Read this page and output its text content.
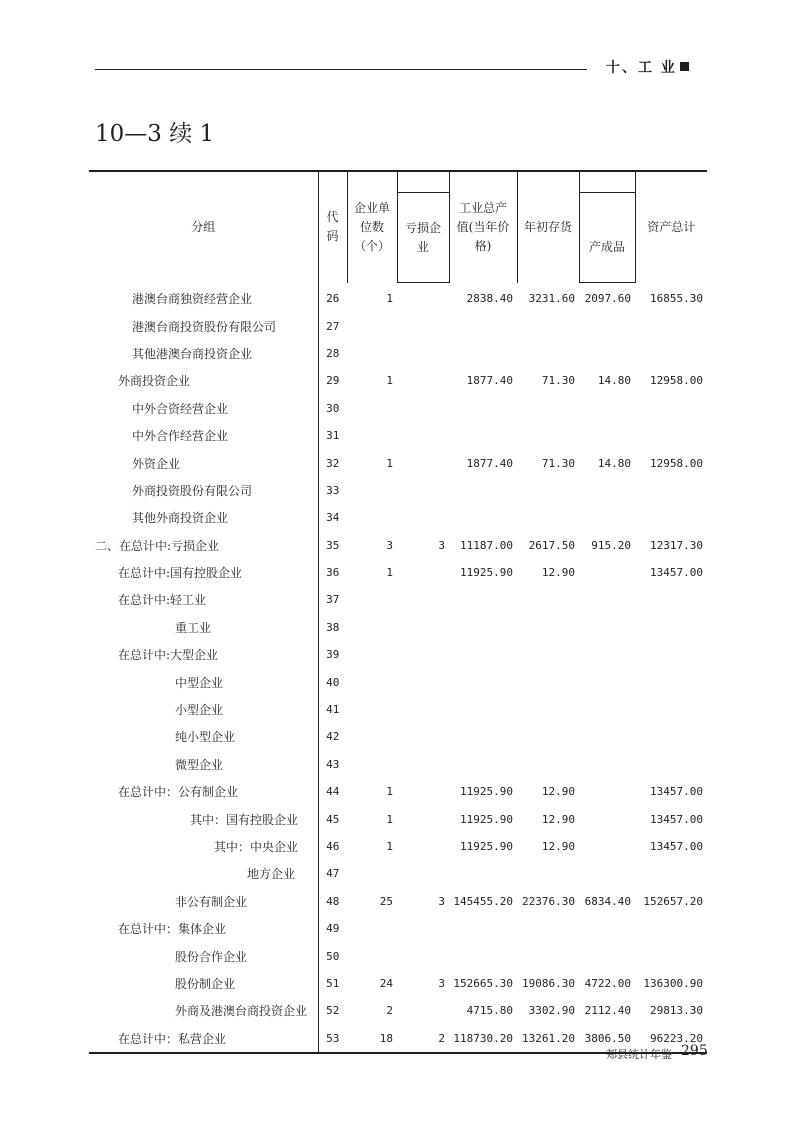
十、工 业
10—3 续 1
分组	代码	企业单位数（个）		工业总产值(当年价格)	年初存货		资产总计

			亏损企业			产成品	
港澳台商独资经营企业	26	1		2838.40	3231.60	2097.60	16855.30
港澳台商投资股份有限公司	27						
其他港澳台商投资企业	28						
外商投资企业	29	1		1877.40	71.30	14.80	12958.00
中外合资经营企业	30						
中外合作经营企业	31						
外资企业	32	1		1877.40	71.30	14.80	12958.00
外商投资股份有限公司	33						
其他外商投资企业	34						
二、在总计中:亏损企业	35	3	3	11187.00	2617.50	915.20	12317.30
在总计中:国有控股企业	36	1		11925.90	12.90		13457.00
在总计中:轻工业	37						
重工业	38						
在总计中:大型企业	39						
中型企业	40						
小型企业	41						
纯小型企业	42						
微型企业	43						
在总计中：公有制企业	44	1		11925.90	12.90		13457.00
其中：国有控股企业	45	1		11925.90	12.90		13457.00
其中：中央企业	46	1		11925.90	12.90		13457.00
地方企业	47						
非公有制企业	48	25	3	145455.20	22376.30	6834.40	152657.20
在总计中：集体企业	49						
股份合作企业	50						
股份制企业	51	24	3	152665.30	19086.30	4722.00	136300.90
外商及港澳台商投资企业	52	2		4715.80	3302.90	2112.40	29813.30
在总计中：私营企业	53	18	2	118730.20	13261.20	3806.50	96223.20
郏县统计年鉴 295
